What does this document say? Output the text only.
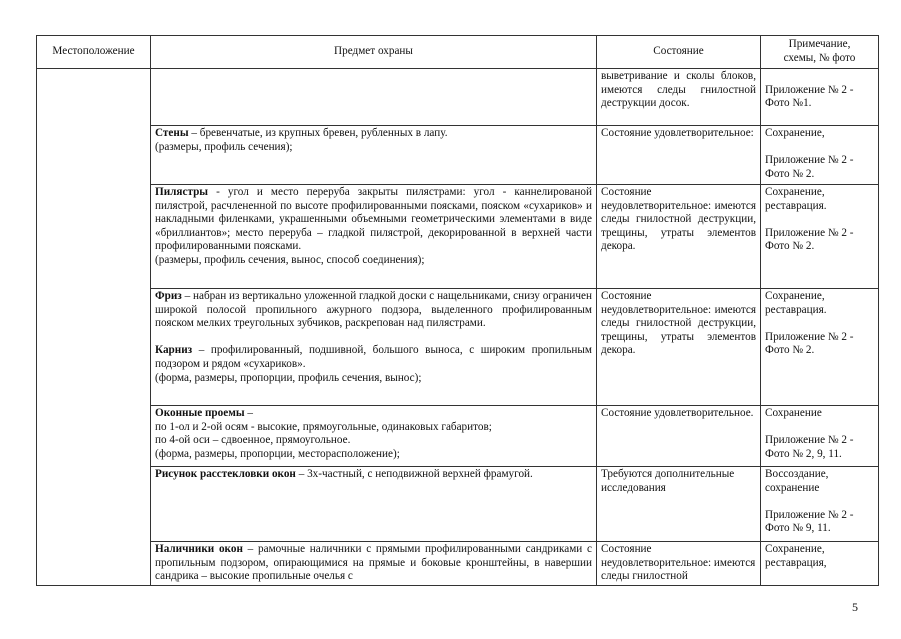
Местоположение	Предмет охраны	Состояние	Примечание,
схемы, № фото

		выветривание и сколы блоков, имеются следы гнилостной деструкции досок.	Приложение № 2 - Фото №1.

	Стены – бревенчатые, из крупных бревен, рубленных в лапу.
(размеры, профиль сечения);	Состояние удовлетворительное:	Сохранение,
Приложение № 2 - Фото № 2.

	Пилястры - угол и место переруба закрыты пилястрами: угол - каннелированой пилястрой, расчлененной по высоте профилированными поясками, пояском «сухариков» и накладными филенками, украшенными объемными геометрическими элементами в виде «бриллиантов»; место переруба – гладкой пилястрой, декорированной в верхней части профилированными поясками.
(размеры, профиль сечения, вынос, способ соединения);	Состояние неудовлетворительное: имеются следы гнилостной деструкции, трещины, утраты элементов декора.	Сохранение, реставрация.
Приложение № 2 - Фото № 2.

	Фриз – набран из вертикально уложенной гладкой доски с нащельниками, снизу ограничен широкой полосой пропильного ажурного подзора, выделенного профилированным пояском мелких треугольных зубчиков, раскрепован над пилястрами.
Карниз – профилированный, подшивной, большого выноса, с широким пропильным подзором и рядом «сухариков».
(форма, размеры, пропорции, профиль сечения, вынос);	Состояние неудовлетворительное: имеются следы гнилостной деструкции, трещины, утраты элементов декора.	Сохранение, реставрация.
Приложение № 2 - Фото № 2.

	Оконные проемы –
по 1-ол и 2-ой осям - высокие, прямоугольные, одинаковых габаритов;
по 4-ой оси – сдвоенное, прямоугольное.
(форма, размеры, пропорции, месторасположение);	Состояние удовлетворительное.	Сохранение
Приложение № 2 - Фото № 2, 9, 11.

	Рисунок расстекловки окон – 3х-частный, с неподвижной верхней фрамугой.	Требуются дополнительные исследования	Воссоздание, сохранение
Приложение № 2 - Фото № 9, 11.

	Наличники окон – рамочные наличники с прямыми профилированными сандриками с пропильным подзором, опирающимися на прямые и боковые кронштейны, в навершии сандрика – высокие пропильные очелья с	Состояние неудовлетворительное: имеются следы гнилостной	Сохранение, реставрация,
5
